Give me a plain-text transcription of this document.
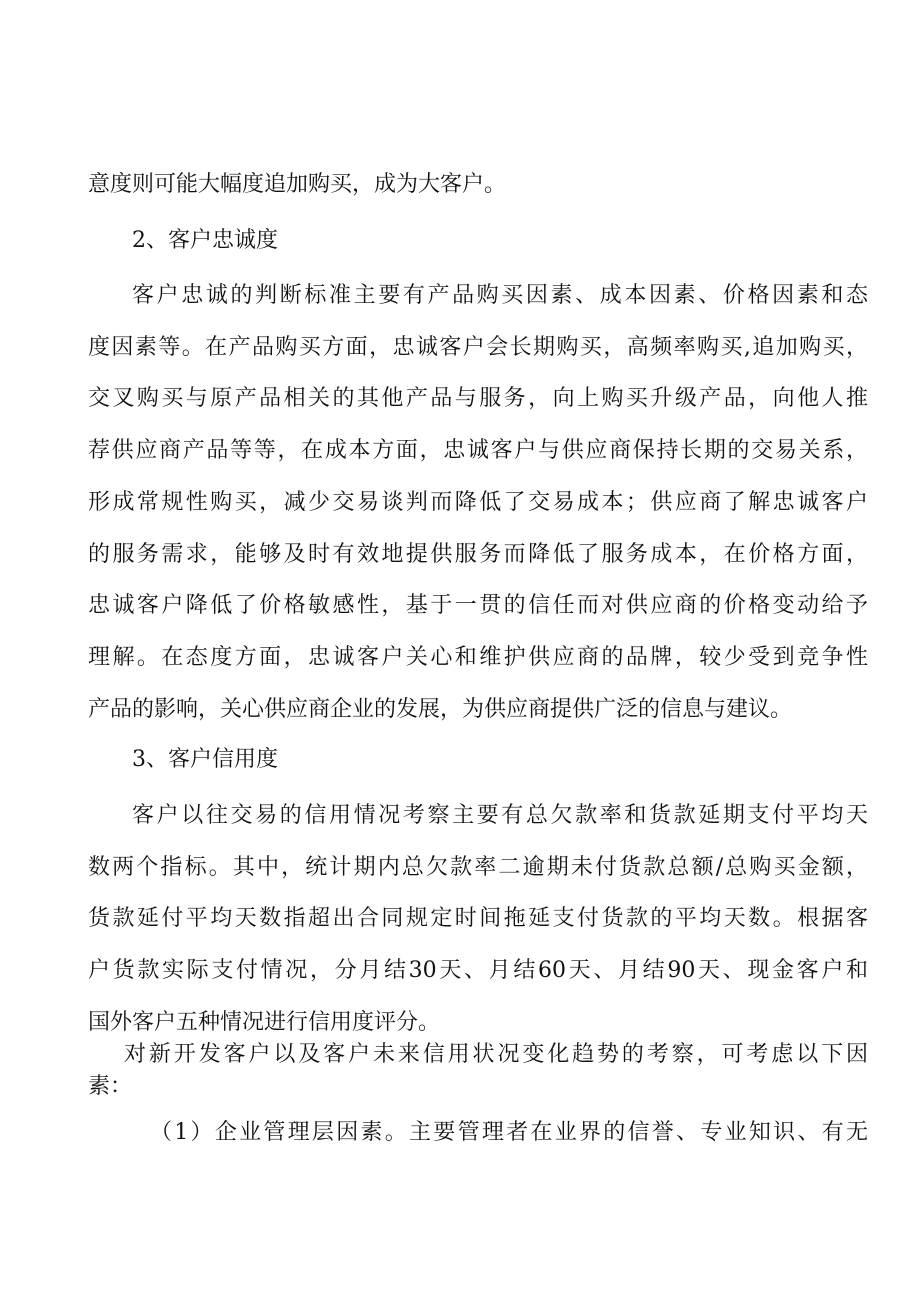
意度则可能大幅度追加购买，成为大客户。
2、客户忠诚度
客户忠诚的判断标准主要有产品购买因素、成本因素、价格因素和态
度因素等。在产品购买方面，忠诚客户会长期购买，高频率购买,追加购买，
交叉购买与原产品相关的其他产品与服务，向上购买升级产品，向他人推
荐供应商产品等等，在成本方面，忠诚客户与供应商保持长期的交易关系，
形成常规性购买，减少交易谈判而降低了交易成本；供应商了解忠诚客户
的服务需求，能够及时有效地提供服务而降低了服务成本，在价格方面，
忠诚客户降低了价格敏感性，基于一贯的信任而对供应商的价格变动给予
理解。在态度方面，忠诚客户关心和维护供应商的品牌，较少受到竞争性
产品的影响，关心供应商企业的发展，为供应商提供广泛的信息与建议。
3、客户信用度
客户以往交易的信用情况考察主要有总欠款率和货款延期支付平均天
数两个指标。其中，统计期内总欠款率二逾期未付货款总额/总购买金额，
货款延付平均天数指超出合同规定时间拖延支付货款的平均天数。根据客
户货款实际支付情况，分月结30天、月结60天、月结90天、现金客户和
国外客户五种情况进行信用度评分。
对新开发客户以及客户未来信用状况变化趋势的考察，可考虑以下因
素：
（1）企业管理层因素。主要管理者在业界的信誉、专业知识、有无
